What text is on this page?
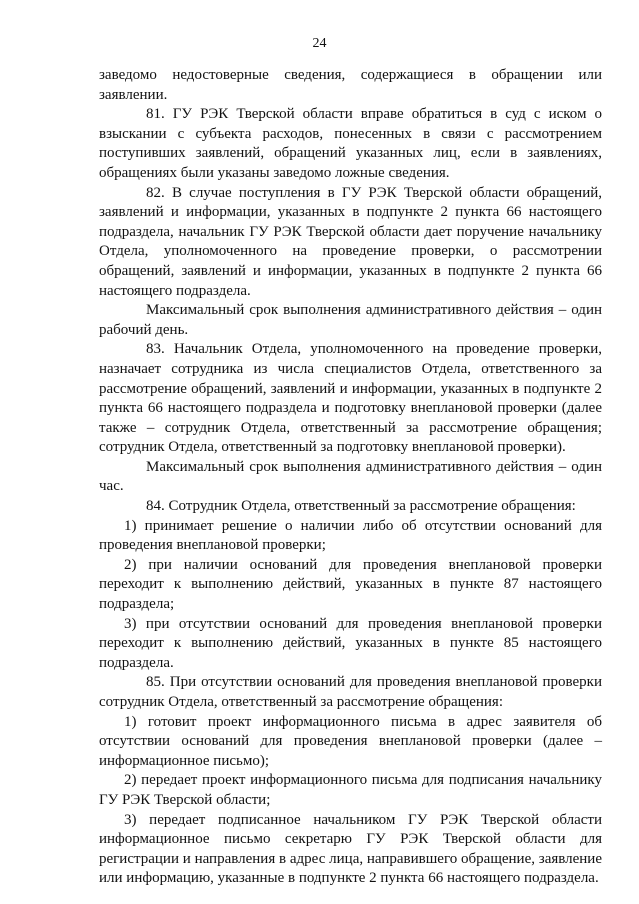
24

заведомо недостоверные сведения, содержащиеся в обращении или заявлении.

81. ГУ РЭК Тверской области вправе обратиться в суд с иском о взыскании с субъекта расходов, понесенных в связи с рассмотрением поступивших заявлений, обращений указанных лиц, если в заявлениях, обращениях были указаны заведомо ложные сведения.

82. В случае поступления в ГУ РЭК Тверской области обращений, заявлений и информации, указанных в подпункте 2 пункта 66 настоящего подраздела, начальник ГУ РЭК Тверской области дает поручение начальнику Отдела, уполномоченного на проведение проверки, о рассмотрении обращений, заявлений и информации, указанных в подпункте 2 пункта 66 настоящего подраздела.

Максимальный срок выполнения административного действия – один рабочий день.

83. Начальник Отдела, уполномоченного на проведение проверки, назначает сотрудника из числа специалистов Отдела, ответственного за рассмотрение обращений, заявлений и информации, указанных в подпункте 2 пункта 66 настоящего подраздела и подготовку внеплановой проверки (далее также – сотрудник Отдела, ответственный за рассмотрение обращения; сотрудник Отдела, ответственный за подготовку внеплановой проверки).

Максимальный срок выполнения административного действия – один час.

84. Сотрудник Отдела, ответственный за рассмотрение обращения:

1) принимает решение о наличии либо об отсутствии оснований для проведения внеплановой проверки;

2) при наличии оснований для проведения внеплановой проверки переходит к выполнению действий, указанных в пункте 87 настоящего подраздела;

3) при отсутствии оснований для проведения внеплановой проверки переходит к выполнению действий, указанных в пункте 85 настоящего подраздела.

85. При отсутствии оснований для проведения внеплановой проверки сотрудник Отдела, ответственный за рассмотрение обращения:

1) готовит проект информационного письма в адрес заявителя об отсутствии оснований для проведения внеплановой проверки (далее – информационное письмо);

2) передает проект информационного письма для подписания начальнику ГУ РЭК Тверской области;

3) передает подписанное начальником ГУ РЭК Тверской области информационное письмо секретарю ГУ РЭК Тверской области для регистрации и направления в адрес лица, направившего обращение, заявление или информацию, указанные в подпункте 2 пункта 66 настоящего подраздела.
